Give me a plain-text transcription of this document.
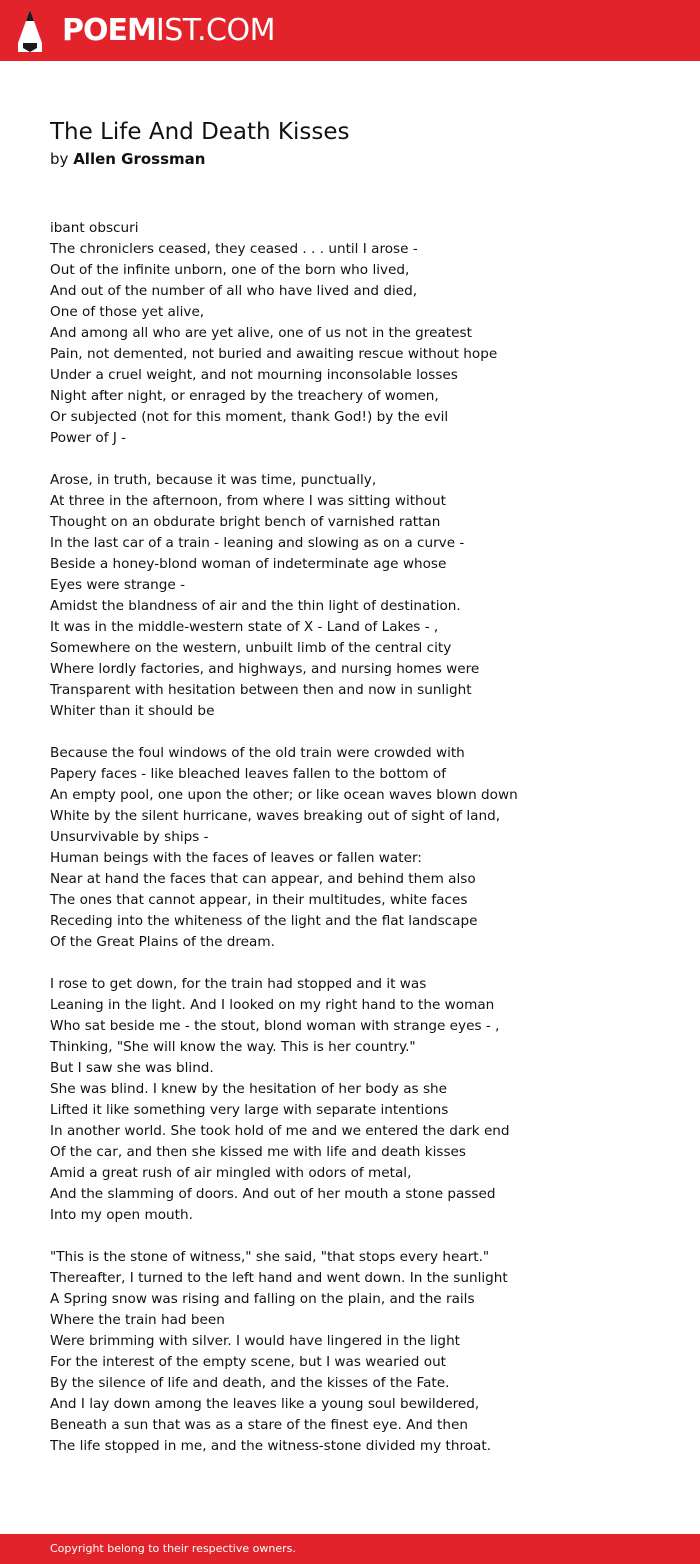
POEMIST.COM
The Life And Death Kisses
by Allen Grossman
ibant obscuri
The chroniclers ceased, they ceased . . . until I arose -
Out of the infinite unborn, one of the born who lived,
And out of the number of all who have lived and died,
One of those yet alive,
And among all who are yet alive, one of us not in the greatest
Pain, not demented, not buried and awaiting rescue without hope
Under a cruel weight, and not mourning inconsolable losses
Night after night, or enraged by the treachery of women,
Or subjected (not for this moment, thank God!) by the evil
Power of J -
Arose, in truth, because it was time, punctually,
At three in the afternoon, from where I was sitting without
Thought on an obdurate bright bench of varnished rattan
In the last car of a train - leaning and slowing as on a curve -
Beside a honey-blond woman of indeterminate age whose
Eyes were strange -
Amidst the blandness of air and the thin light of destination.
It was in the middle-western state of X - Land of Lakes - ,
Somewhere on the western, unbuilt limb of the central city
Where lordly factories, and highways, and nursing homes were
Transparent with hesitation between then and now in sunlight
Whiter than it should be
Because the foul windows of the old train were crowded with
Papery faces - like bleached leaves fallen to the bottom of
An empty pool, one upon the other; or like ocean waves blown down
White by the silent hurricane, waves breaking out of sight of land,
Unsurvivable by ships -
Human beings with the faces of leaves or fallen water:
Near at hand the faces that can appear, and behind them also
The ones that cannot appear, in their multitudes, white faces
Receding into the whiteness of the light and the flat landscape
Of the Great Plains of the dream.
I rose to get down, for the train had stopped and it was
Leaning in the light. And I looked on my right hand to the woman
Who sat beside me - the stout, blond woman with strange eyes - ,
Thinking, "She will know the way. This is her country."
But I saw she was blind.
She was blind. I knew by the hesitation of her body as she
Lifted it like something very large with separate intentions
In another world. She took hold of me and we entered the dark end
Of the car, and then she kissed me with life and death kisses
Amid a great rush of air mingled with odors of metal,
And the slamming of doors. And out of her mouth a stone passed
Into my open mouth.
"This is the stone of witness," she said, "that stops every heart."
Thereafter, I turned to the left hand and went down. In the sunlight
A Spring snow was rising and falling on the plain, and the rails
Where the train had been
Were brimming with silver. I would have lingered in the light
For the interest of the empty scene, but I was wearied out
By the silence of life and death, and the kisses of the Fate.
And I lay down among the leaves like a young soul bewildered,
Beneath a sun that was as a stare of the finest eye. And then
The life stopped in me, and the witness-stone divided my throat.
Copyright belong to their respective owners.
